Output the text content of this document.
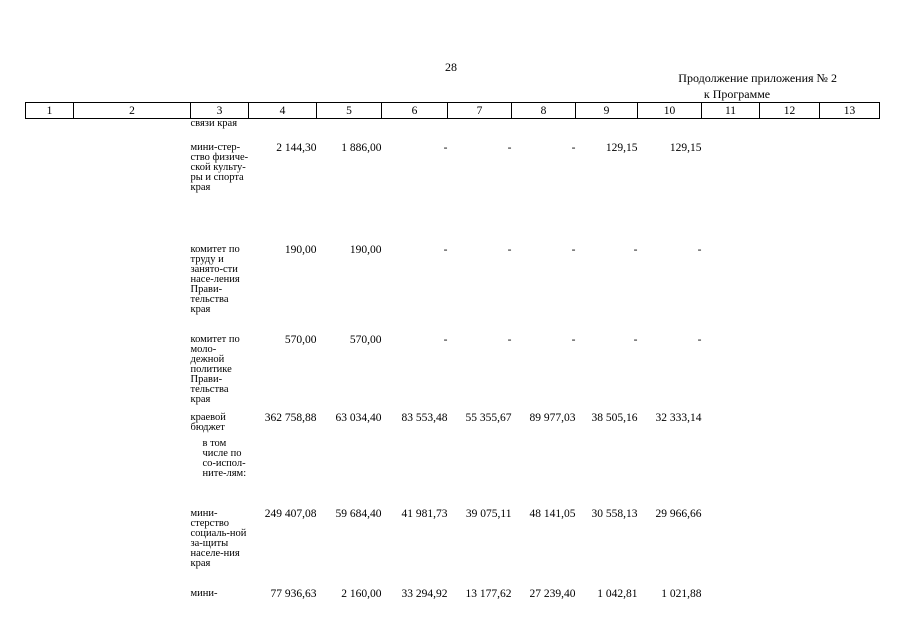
28
Продолжение приложения № 2
к Программе
1	2	3	4	5	6	7	8	9	10	11	12	13
		связи края										
		мини-стер-ство физиче-ской культу-ры и спорта края	2 144,30	1 886,00	-	-	-	129,15	129,15			
		комитет по труду и занято-сти насе-ления Прави-тельства края	190,00	190,00	-	-	-	-	-			
		комитет по моло-дежной политике Прави-тельства края	570,00	570,00	-	-	-	-	-			
		краевой бюджет	362 758,88	63 034,40	83 553,48	55 355,67	89 977,03	38 505,16	32 333,14			
		в том числе по со-испол-ните-лям:										
		мини-стерство социаль-ной за-щиты населе-ния края	249 407,08	59 684,40	41 981,73	39 075,11	48 141,05	30 558,13	29 966,66			
		мини-	77 936,63	2 160,00	33 294,92	13 177,62	27 239,40	1 042,81	1 021,88			
